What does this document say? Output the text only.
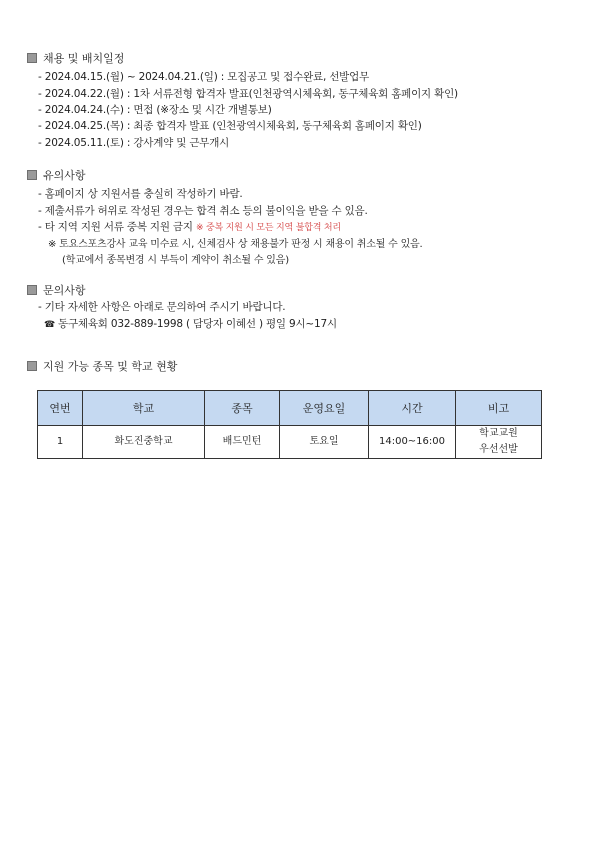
채용 및 배치일정
- 2024.04.15.(월) ~ 2024.04.21.(일) : 모집공고 및 접수완료, 선발업무
- 2024.04.22.(월) : 1차 서류전형 합격자 발표(인천광역시체육회, 동구체육회 홈페이지 확인)
- 2024.04.24.(수) : 면접 (※장소 및 시간 개별통보)
- 2024.04.25.(목) : 최종 합격자 발표 (인천광역시체육회, 동구체육회 홈페이지 확인)
- 2024.05.11.(토) : 강사계약 및 근무개시
유의사항
- 홈페이지 상 지원서를 충실히 작성하기 바람.
- 제출서류가 허위로 작성된 경우는 합격 취소 등의 불이익을 받을 수 있음.
- 타 지역 지원 서류 중복 지원 금지 ※ 중복 지원 시 모든 지역 불합격 처리
※ 토요스포츠강사 교육 미수료 시, 신체검사 상 채용불가 판정 시 채용이 취소될 수 있음.
(학교에서 종목변경 시 부득이 계약이 취소될 수 있음)
문의사항
- 기타 자세한 사항은 아래로 문의하여 주시기 바랍니다.
☎ 동구체육회 032-889-1998 ( 담당자 이혜선 ) 평일 9시~17시
지원 가능 종목 및 학교 현황
연번	학교	종목	운영요일	시간	비고
1	화도진중학교	배드민턴	토요일	14:00~16:00	학교교원
우선선발
